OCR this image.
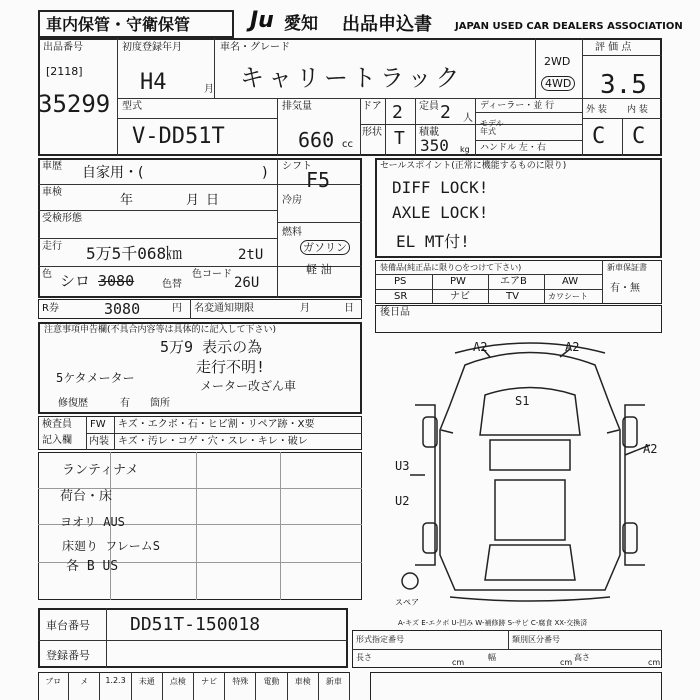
車内保管・守衛保管	Ju 愛知 出品申込書 JAPAN USED CAR DEALERS ASSOCIATION
出品番号
[2118]
35299
初度登録年月
H4	月
車名・グレード
キャリートラック
2WD
4WD
評 価 点
3.5
型式
V-DD51T
排気量
660 cc
ドア 2 定員 2 人
形状 T 積載
350 kg
ディーラー・並 行
モデル 年式
ハンドル 左・右
外 装 内 装
C C
車歴 自家用・(	) シフト
F5
車検
年	月 日	冷房
受検形態
燃料
ガソリン
軽 油
走行 5万5千068㎞	2tU
色 シロ 3080	色替
色コード
26U
R券	3080	円 名変通知期限	月	日
セールスポイント(正常に機能するものに限り)
DIFF LOCK!
AXLE LOCK!
EL MT付!
装備品(純正品に限り○をつけて下さい)
PS	PW	エアB	AW
SR	ナビ	TV	カワシート
新車保証書
有・無
後日品
注意事項申告欄(不具合内容等は具体的に記入して下さい)
5万9 表示の為
走行不明!
メーター改ざん車
5ケタメーター
修復歴	有 箇所
検査員
記入欄
FW キズ・エクボ・石・ヒビ割・リペア跡・X要
内装 キズ・汚レ・コゲ・穴・スレ・キレ・破レ
ランティナメ
荷台・床
ヨオリ AUS
床廻り フレームS
各 B US
A2	A2
S1
U3
A2
U2
スペア
A-キズ E-エクボ U-凹み W-補修跡 S-サビ C-腐食 XX-交換済
車台番号 DD51T-150018
登録番号
形式指定番号	類別区分番号
長さ
cm
幅
cm
高さ
cm
ブロ	メ	1.2.3	未通	点検	ナビ	特殊	電動	車検	新車
